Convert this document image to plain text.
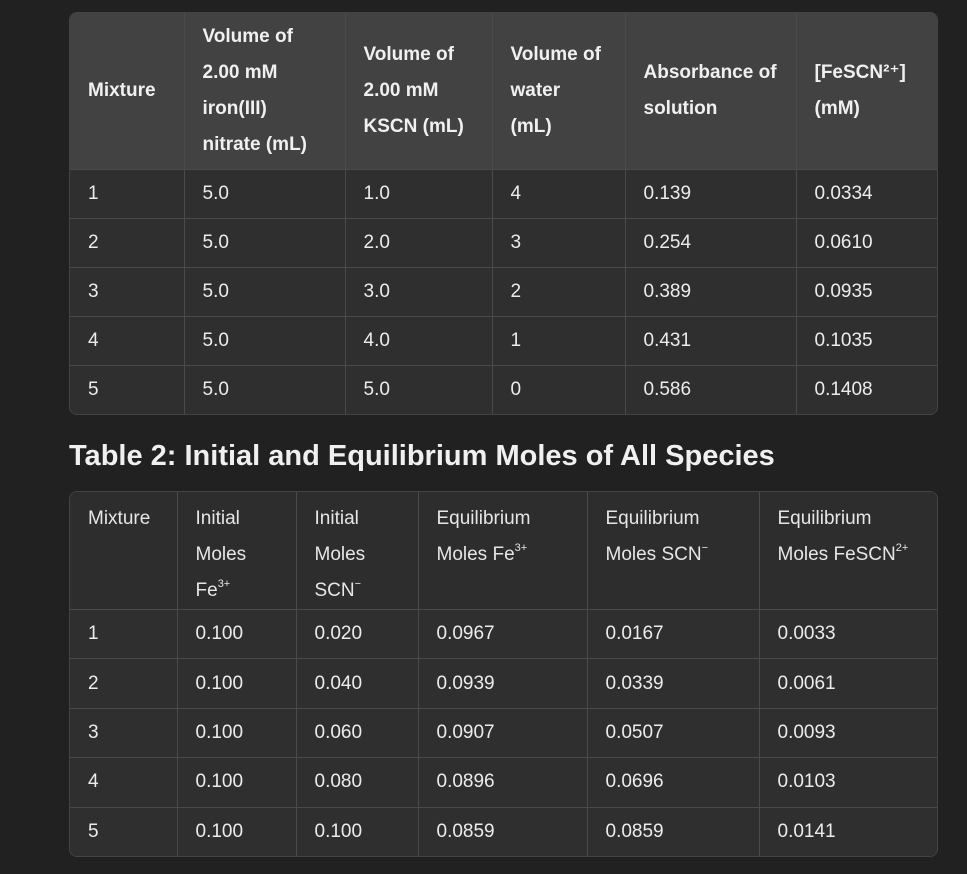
Mixture	Volume of 2.00 mM iron(III) nitrate (mL)	Volume of 2.00 mM KSCN (mL)	Volume of water (mL)	Absorbance of solution	[FeSCN²⁺] (mM)
1	5.0	1.0	4	0.139	0.0334
2	5.0	2.0	3	0.254	0.0610
3	5.0	3.0	2	0.389	0.0935
4	5.0	4.0	1	0.431	0.1035
5	5.0	5.0	0	0.586	0.1408
Table 2: Initial and Equilibrium Moles of All Species
Mixture	Initial Moles $Fe^{3+}$	Initial Moles SCN−	Equilibrium Moles $Fe^{3+}$	Equilibrium Moles SCN−	Equilibrium Moles FeSCN$^{2+}$
1	0.100	0.020	0.0967	0.0167	0.0033
2	0.100	0.040	0.0939	0.0339	0.0061
3	0.100	0.060	0.0907	0.0507	0.0093
4	0.100	0.080	0.0896	0.0696	0.0103
5	0.100	0.100	0.0859	0.0859	0.0141
